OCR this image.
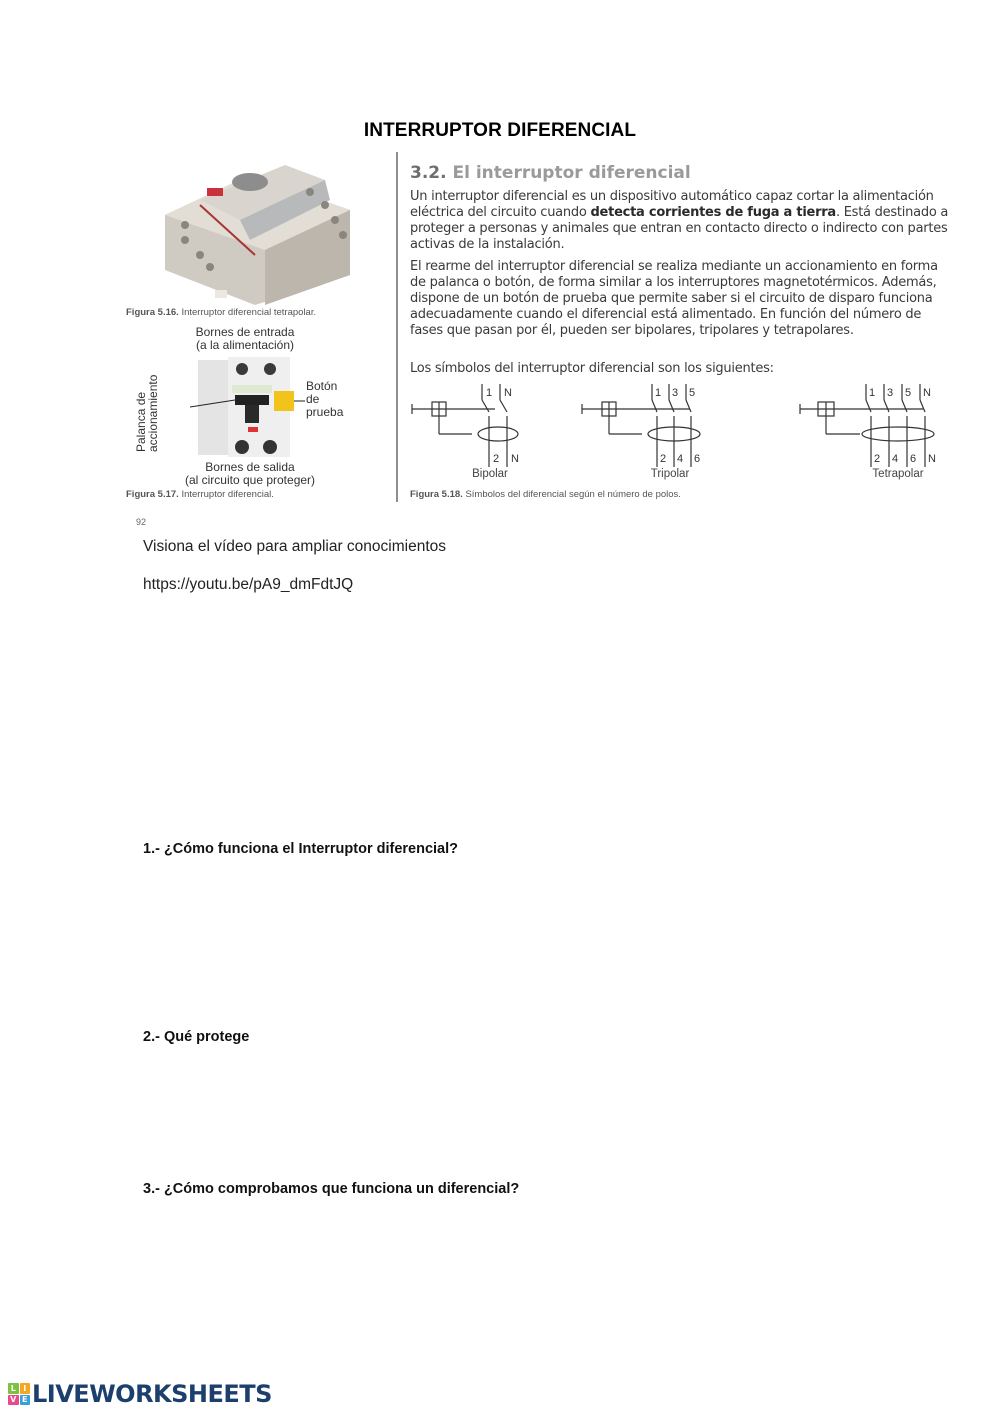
INTERRUPTOR DIFERENCIAL
Figura 5.16. Interruptor diferencial tetrapolar.
Bornes de entrada
(a la alimentación)
Botón
de
prueba
Palanca de
accionamiento
Bornes de salida
(al circuito que proteger)
Figura 5.17. Interruptor diferencial.
92
3.2. El interruptor diferencial
Un interruptor diferencial es un dispositivo automático capaz cortar la alimentación eléctrica del circuito cuando detecta corrientes de fuga a tierra. Está destinado a proteger a personas y animales que entran en contacto directo o indirecto con partes activas de la instalación.
El rearme del interruptor diferencial se realiza mediante un accionamiento en forma de palanca o botón, de forma similar a los interruptores magnetotérmicos. Además, dispone de un botón de prueba que permite saber si el circuito de disparo funciona adecuadamente cuando el diferencial está alimentado. En función del número de fases que pasan por él, pueden ser bipolares, tripolares y tetrapolares.
Los símbolos del interruptor diferencial son los siguientes:
1 N
2 N
Bipolar
1 3 5
2 4 6
Tripolar
1 3 5 N
2 4 6 N
Tetrapolar
Figura 5.18. Símbolos del diferencial según el número de polos.
Visiona el vídeo para ampliar conocimientos
https://youtu.be/pA9_dmFdtJQ
1.- ¿Cómo funciona el Interruptor diferencial?
2.- Qué protege
3.- ¿Cómo comprobamos que funciona un diferencial?
L I
V E LIVEWORKSHEETS
